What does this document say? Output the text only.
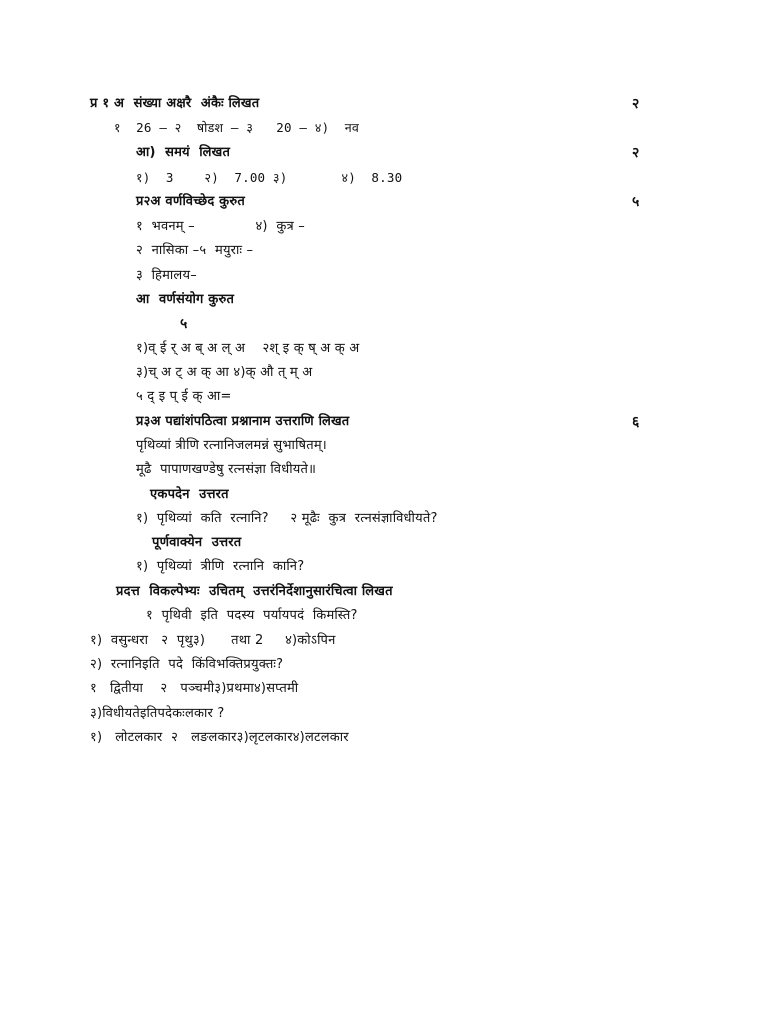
प्र १ अ  संख्या अक्षरै  अंकैः लिखत	२
१  26 – २  षोडश – ३   20 – ४)  नव
आ)  समयं  लिखत	२
१)  3    २)  7.00 ३)       ४)  8.30
प्र२अ वर्णविच्छेद कुरुत	५
१  भवनम् –              ४)  कुत्र –
२  नासिका –५  मयुराः –
३  हिमालय–
आ  वर्णसंयोग कुरुत
५
१)व् ई र् अ ब् अ ल् अ    २श् इ क् ष् अ क् अ
३)च् अ ट् अ क् आ ४)क् औ त् म् अ
५ द् इ प् ई क् आ=
प्र३अ पद्यांशंपठित्वा प्रश्नानाम उत्तराणि लिखत	६
पृथिव्यां त्रीणि रत्नानिजलमन्नं सुभाषितम्।
मूढै  पापाणखण्डेषु रत्नसंज्ञा विधीयते॥
एकपदेन  उत्तरत
१)  पृथिव्यां  कति  रत्नानि?     २ मूढैः  कुत्र  रत्नसंज्ञाविधीयते?
पूर्णवाक्येन  उत्तरत
१)  पृथिव्यां  त्रीणि  रत्नानि  कानि?
प्रदत्त  विकल्पेभ्यः  उचितम्  उत्तरंनिर्देशानुसारंचित्वा लिखत
१  पृथिवी  इति  पदस्य  पर्यायपदं  किमस्ति?
१)  वसुन्धरा   २  पृथु३)      तथा 2     ४)कोऽपिन
२)  रत्नानिइति  पदे  किंविभक्तिप्रयुक्तः?
१   द्वितीया    २   पञ्चमी३)प्रथमा४)सप्तमी
३)विधीयतेइतिपदेकःलकार ?
१)   लोटलकार  २   लङलकार३)लृटलकार४)लटलकार
